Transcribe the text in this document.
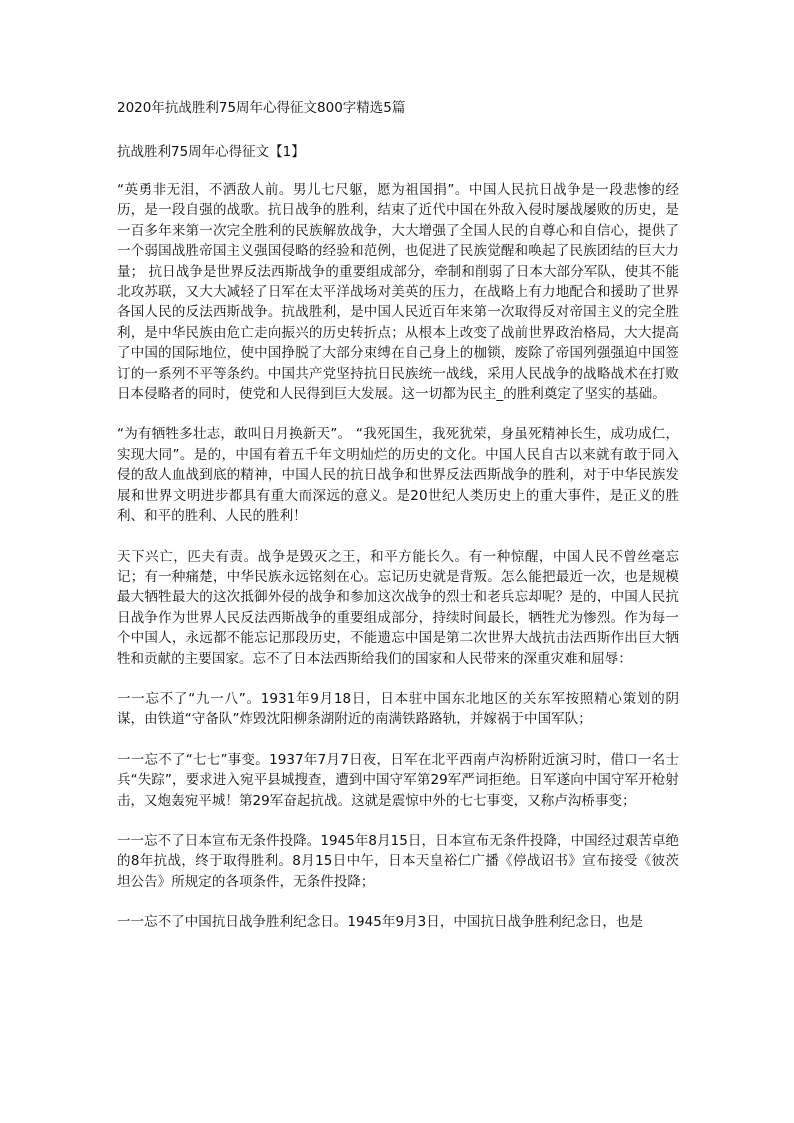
2020年抗战胜利75周年心得征文800字精选5篇
抗战胜利75周年心得征文【1】

“英勇非无泪，不洒敌人前。男儿七尺躯，愿为祖国捐”。中国人民抗日战争是一段悲惨的经历，是一段自强的战歌。抗日战争的胜利，结束了近代中国在外敌入侵时屡战屡败的历史，是一百多年来第一次完全胜利的民族解放战争，大大增强了全国人民的自尊心和自信心，提供了一个弱国战胜帝国主义强国侵略的经验和范例，也促进了民族觉醒和唤起了民族团结的巨大力量； 抗日战争是世界反法西斯战争的重要组成部分，牵制和削弱了日本大部分军队，使其不能北攻苏联，又大大减轻了日军在太平洋战场对美英的压力，在战略上有力地配合和援助了世界各国人民的反法西斯战争。抗战胜利，是中国人民近百年来第一次取得反对帝国主义的完全胜利，是中华民族由危亡走向振兴的历史转折点；从根本上改变了战前世界政治格局，大大提高了中国的国际地位，使中国挣脱了大部分束缚在自己身上的枷锁，废除了帝国列强强迫中国签订的一系列不平等条约。中国共产党坚持抗日民族统一战线，采用人民战争的战略战术在打败日本侵略者的同时，使党和人民得到巨大发展。这一切都为民主_的胜利奠定了坚实的基础。

“为有牺牲多壮志，敢叫日月换新天”。 “我死国生，我死犹荣，身虽死精神长生，成功成仁，实现大同”。是的，中国有着五千年文明灿烂的历史的文化。中国人民自古以来就有敢于同入侵的敌人血战到底的精神，中国人民的抗日战争和世界反法西斯战争的胜利，对于中华民族发展和世界文明进步都具有重大而深远的意义。是20世纪人类历史上的重大事件，是正义的胜利、和平的胜利、人民的胜利！

天下兴亡，匹夫有责。战争是毁灭之王，和平方能长久。有一种惊醒，中国人民不曾丝毫忘记；有一种痛楚，中华民族永远铭刻在心。忘记历史就是背叛。怎么能把最近一次，也是规模最大牺牲最大的这次抵御外侵的战争和参加这次战争的烈士和老兵忘却呢？是的，中国人民抗日战争作为世界人民反法西斯战争的重要组成部分，持续时间最长，牺牲尤为惨烈。作为每一个中国人，永远都不能忘记那段历史，不能遗忘中国是第二次世界大战抗击法西斯作出巨大牺牲和贡献的主要国家。忘不了日本法西斯给我们的国家和人民带来的深重灾难和屈辱：

一一忘不了“九一八”。1931年9月18日，日本驻中国东北地区的关东军按照精心策划的阴谋，由铁道“守备队”炸毁沈阳柳条湖附近的南满铁路路轨，并嫁祸于中国军队；

一一忘不了“七七”事变。1937年7月7日夜，日军在北平西南卢沟桥附近演习时，借口一名士兵“失踪”，要求进入宛平县城搜查，遭到中国守军第29军严词拒绝。日军遂向中国守军开枪射击，又炮轰宛平城！第29军奋起抗战。这就是震惊中外的七七事变，又称卢沟桥事变；

一一忘不了日本宣布无条件投降。1945年8月15日，日本宣布无条件投降，中国经过艰苦卓绝的8年抗战，终于取得胜利。8月15日中午，日本天皇裕仁广播《停战诏书》宣布接受《彼茨坦公告》所规定的各项条件，无条件投降；

一一忘不了中国抗日战争胜利纪念日。1945年9月3日，中国抗日战争胜利纪念日，也是
